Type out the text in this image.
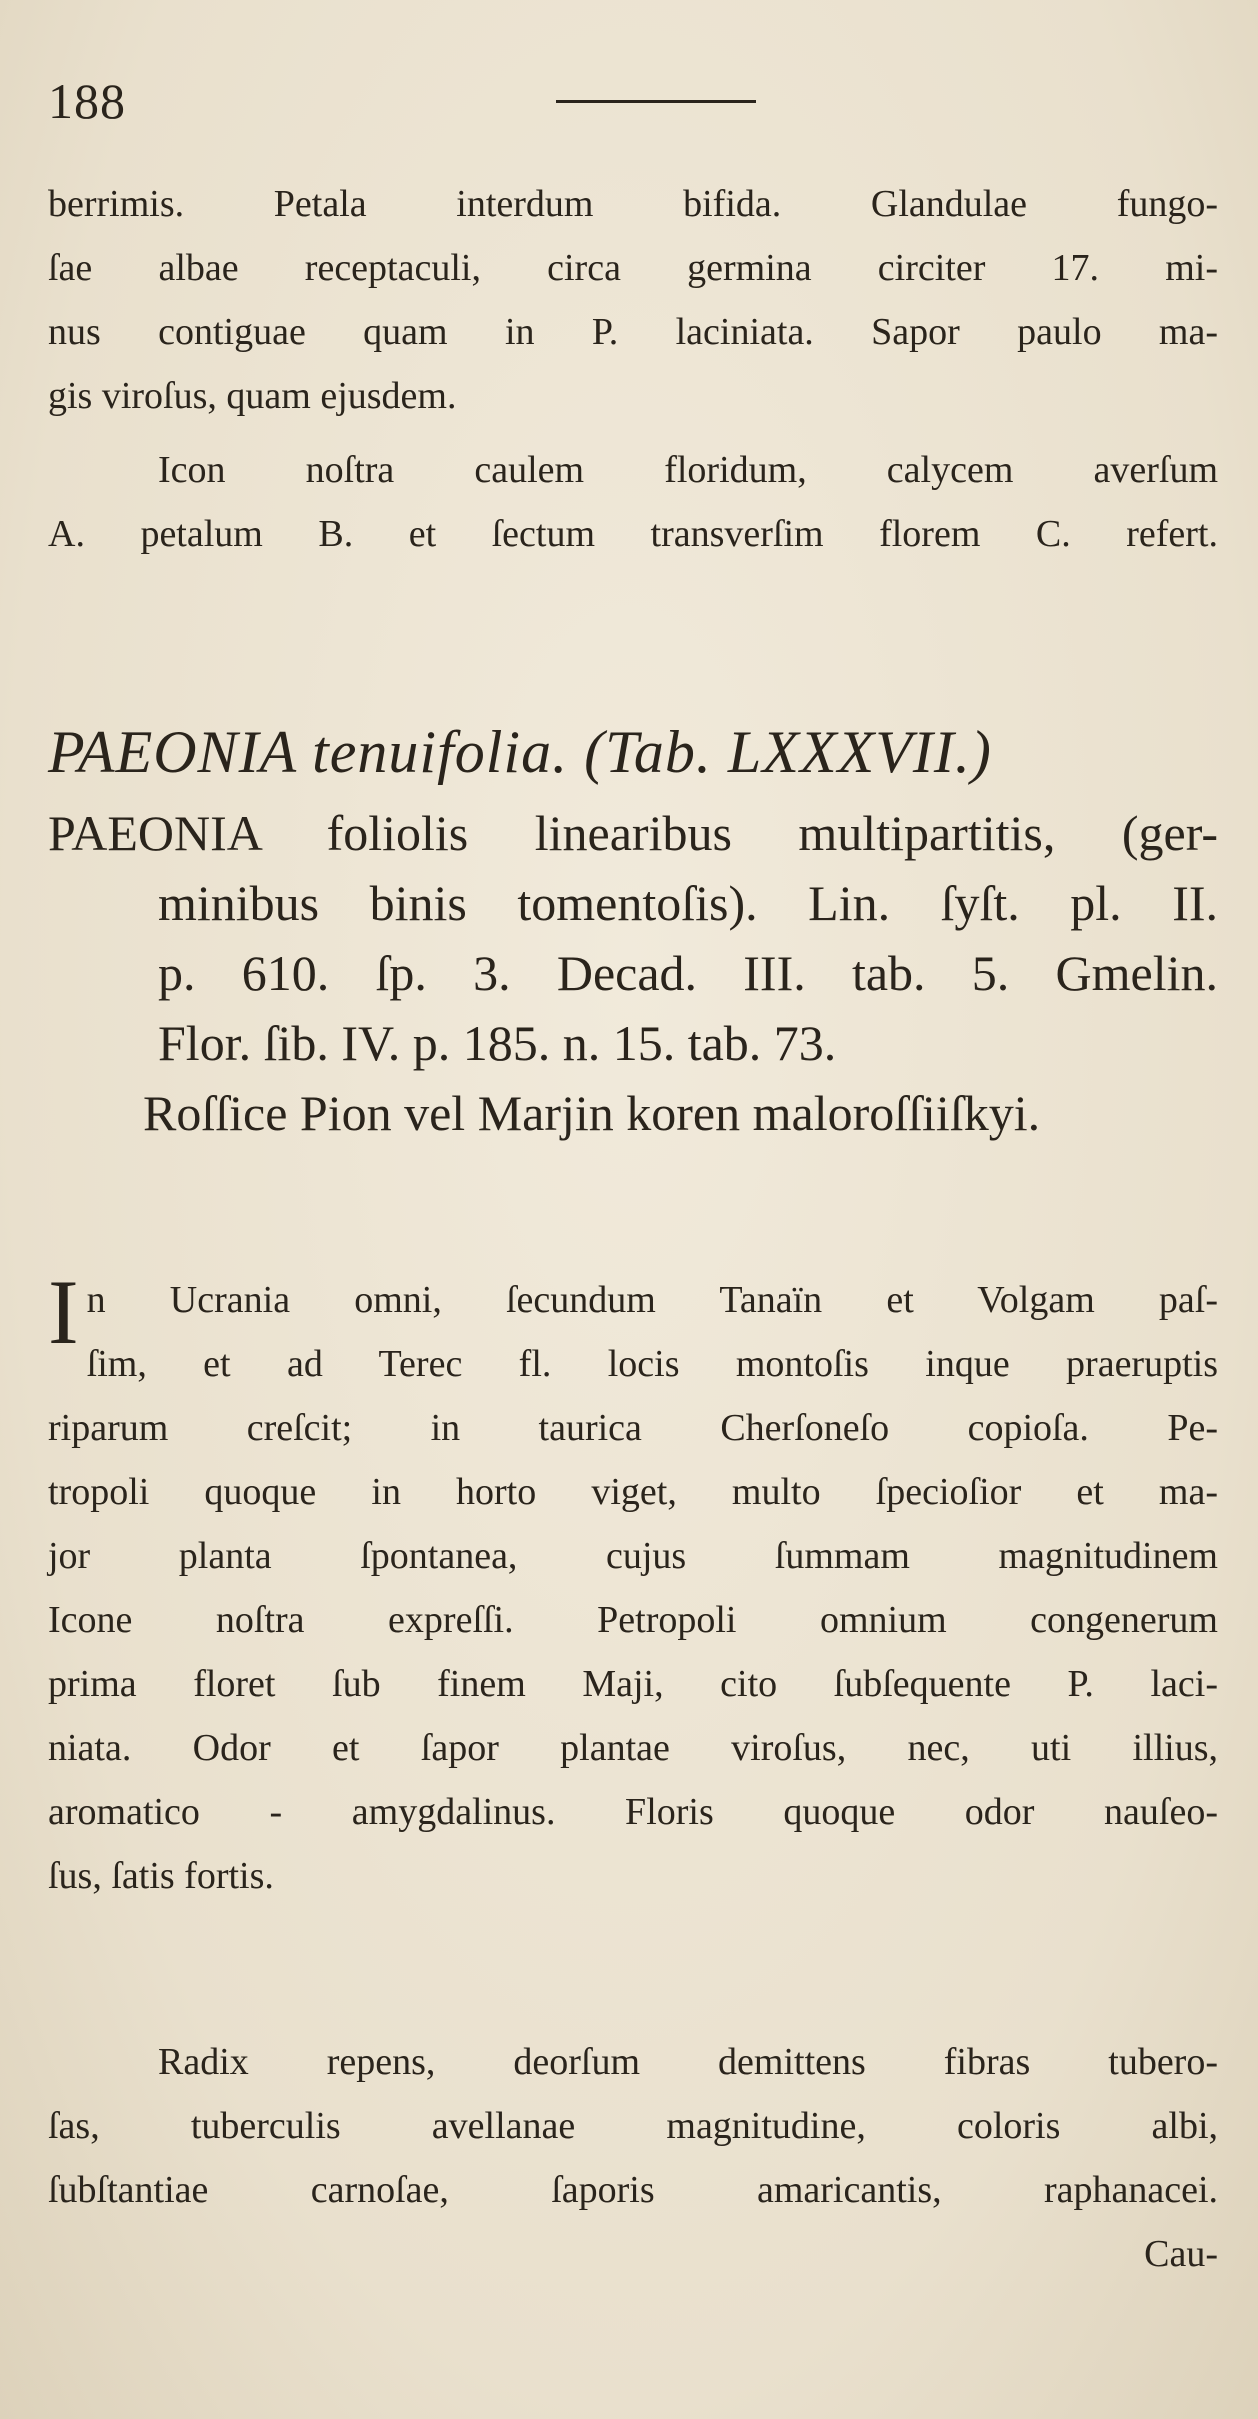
188

berrimis. Petala interdum bifida. Glandulae fungo-

ſae albae receptaculi, circa germina circiter 17. mi-

nus contiguae quam in P. laciniata. Sapor paulo ma-

gis viroſus, quam ejusdem.

Icon noſtra caulem floridum, calycem averſum

A. petalum B. et ſectum transverſim florem C. refert.

PAEONIA tenuifolia. (Tab. LXXXVII.)

PAEONIA foliolis linearibus multipartitis, (ger-

minibus binis tomentoſis). Lin. ſyſt. pl. II.

p. 610. ſp. 3. Decad. III. tab. 5. Gmelin.

Flor. ſib. IV. p. 185. n. 15. tab. 73.

Roſſice Pion vel Marjin koren maloroſſiiſkyi.

In Ucrania omni, ſecundum Tanaïn et Volgam paſ-

ſim, et ad Terec fl. locis montoſis inque praeruptis

riparum creſcit; in taurica Cherſoneſo copioſa. Pe-

tropoli quoque in horto viget, multo ſpecioſior et ma-

jor planta ſpontanea, cujus ſummam magnitudinem

Icone noſtra expreſſi. Petropoli omnium congenerum

prima floret ſub finem Maji, cito ſubſequente P. laci-

niata. Odor et ſapor plantae viroſus, nec, uti illius,

aromatico - amygdalinus. Floris quoque odor nauſeo-

ſus, ſatis fortis.

Radix repens, deorſum demittens fibras tubero-

ſas, tuberculis avellanae magnitudine, coloris albi,

ſubſtantiae carnoſae, ſaporis amaricantis, raphanacei.

Cau-
